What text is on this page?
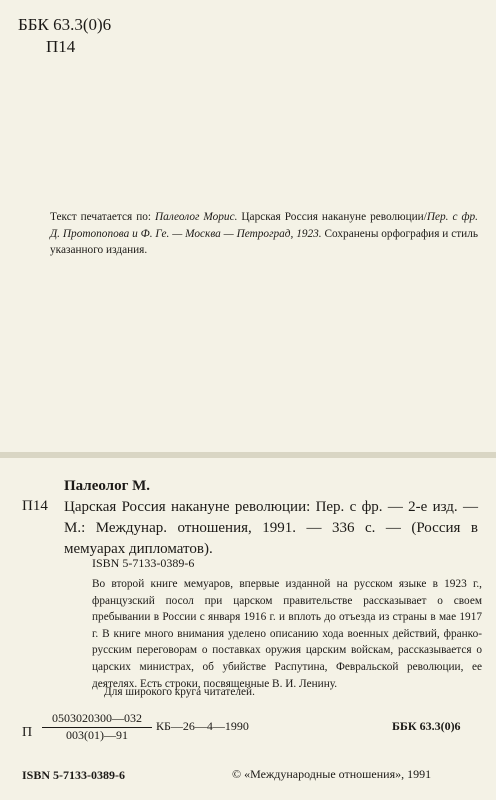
ББК 63.3(0)6
П14
Текст печатается по: Палеолог Морис. Царская Россия накануне революции/Пер. с фр. Д. Протопопова и Ф. Ге. — Москва — Петроград, 1923. Сохранены орфография и стиль указанного издания.
Палеолог М.
П14 Царская Россия накануне революции: Пер. с фр. — 2-е изд. — М.: Междунар. отношения, 1991. — 336 с. — (Россия в мемуарах дипломатов).
ISBN 5-7133-0389-6
Во второй книге мемуаров, впервые изданной на русском языке в 1923 г., французский посол при царском правительстве рассказывает о своем пребывании в России с января 1916 г. и вплоть до отъезда из страны в мае 1917 г. В книге много внимания уделено описанию хода военных действий, франко-русским переговорам о поставках оружия царским войскам, рассказывается о царских министрах, об убийстве Распутина, Февральской революции, ее деятелях. Есть строки, посвященные В. И. Ленину.
Для широкого круга читателей.
П $\frac{0503020300—032}{003(01)—91}$ КБ—26—4—1990	ББК 63.3(0)6
ISBN 5-7133-0389-6	© «Международные отношения», 1991
